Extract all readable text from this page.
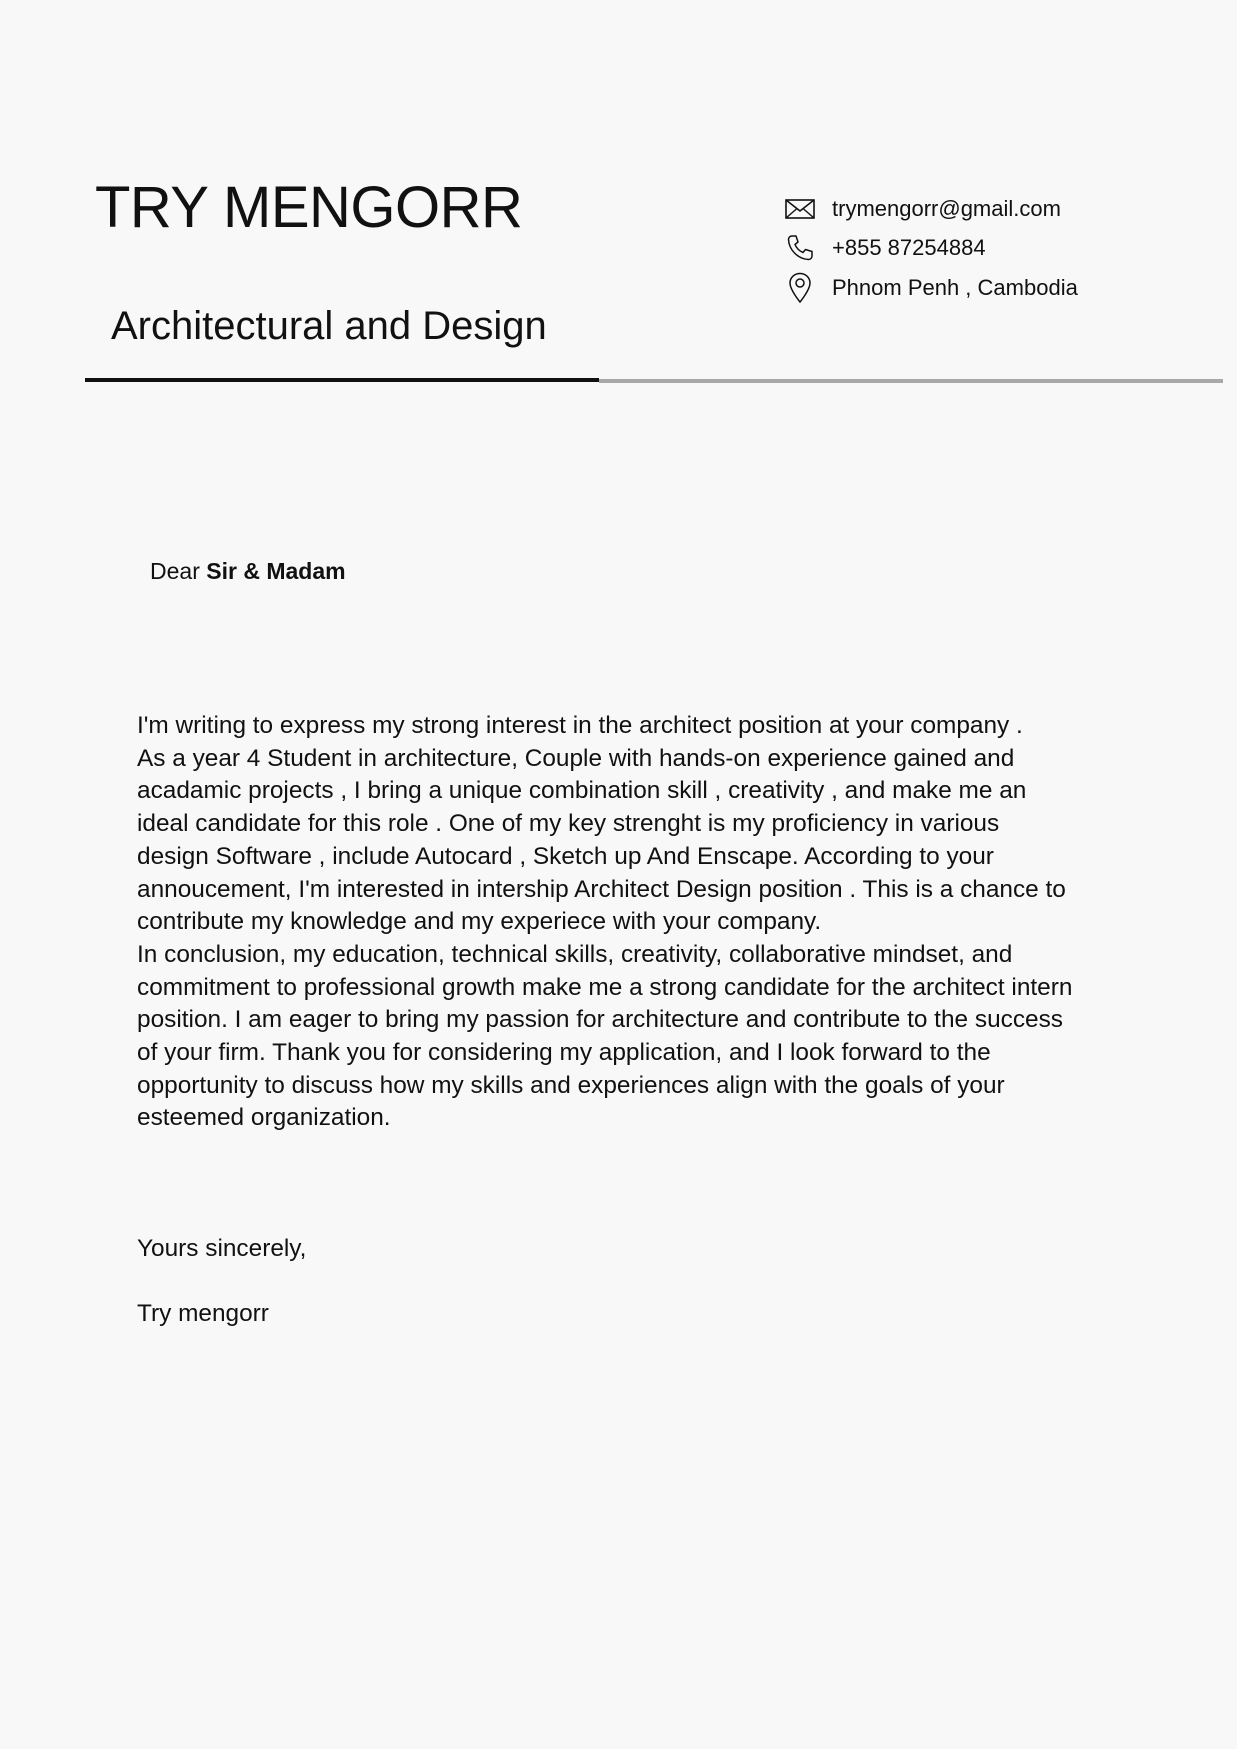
TRY MENGORR
Architectural and Design
trymengorr@gmail.com
+855 87254884
Phnom Penh , Cambodia
Dear Sir & Madam

I'm writing to express my strong interest in the architect position at your company .

As a year 4 Student in architecture, Couple with hands-on experience gained and acadamic projects , I bring a unique combination skill , creativity , and make me an ideal candidate for this role . One of my key strenght is my proficiency in various design Software , include Autocard , Sketch up And Enscape. According to your annoucement, I'm interested in intership Architect Design position . This is a chance to contribute my knowledge and my experiece with your company.

In conclusion, my education, technical skills, creativity, collaborative mindset, and commitment to professional growth make me a strong candidate for the architect intern position. I am eager to bring my passion for architecture and contribute to the success of your firm. Thank you for considering my application, and I look forward to the opportunity to discuss how my skills and experiences align with the goals of your esteemed organization.

Yours sincerely,
Try mengorr
